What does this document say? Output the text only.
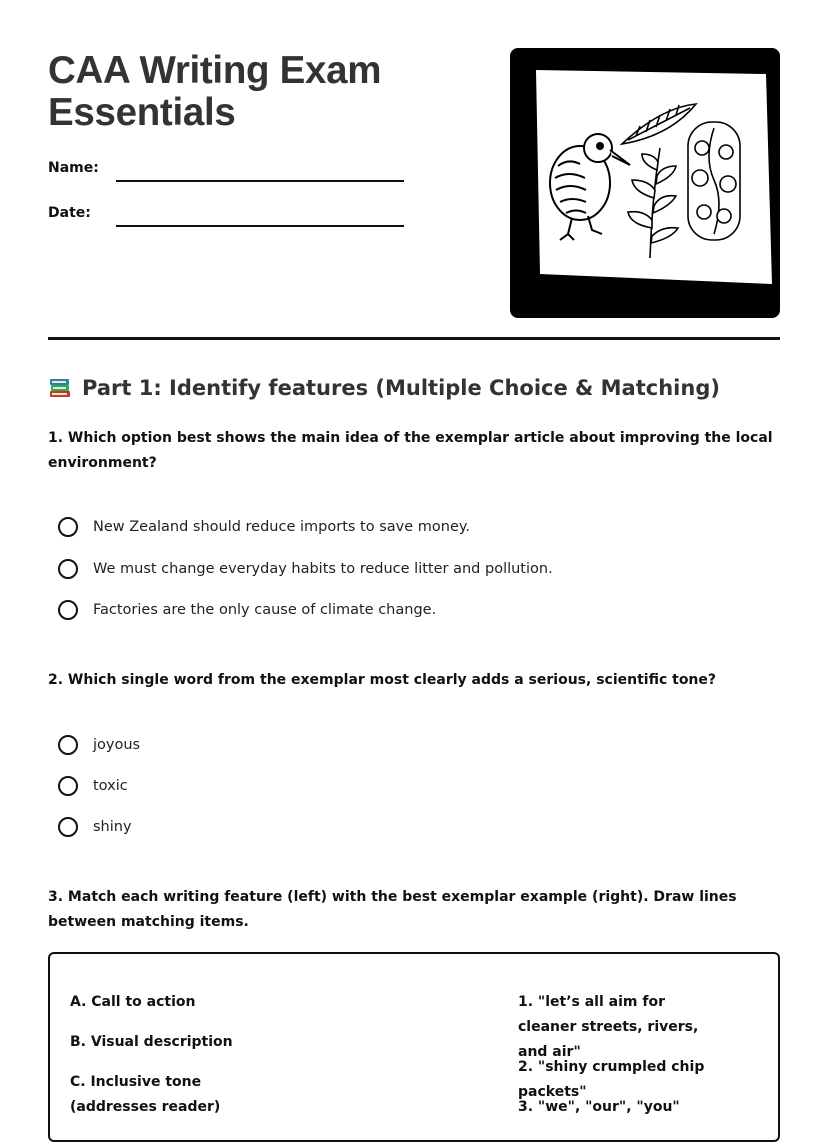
CAA Writing Exam
Essentials
Name:
Date:
Part 1: Identify features (Multiple Choice & Matching)

1. Which option best shows the main idea of the exemplar article about improving the local environment?

New Zealand should reduce imports to save money.
We must change everyday habits to reduce litter and pollution.
Factories are the only cause of climate change.

2. Which single word from the exemplar most clearly adds a serious, scientific tone?

joyous
toxic
shiny

3. Match each writing feature (left) with the best exemplar example (right). Draw lines between matching items.

A. Call to action
B. Visual description
C. Inclusive tone (addresses reader)
1. "let’s all aim for cleaner streets, rivers, and air"
2. "shiny crumpled chip packets"
3. "we", "our", "you"
